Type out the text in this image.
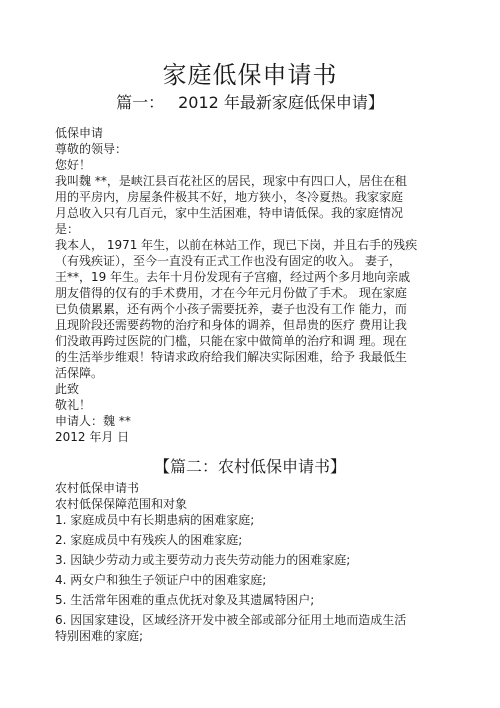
家庭低保申请书
篇一： 2012 年最新家庭低保申请】
低保申请
尊敬的领导：
您好！
我叫魏 **，是峡江县百花社区的居民，现家中有四口人，居住在租
用的平房内，房屋条件极其不好，地方狭小，冬冷夏热。我家家庭
月总收入只有几百元，家中生活困难，特申请低保。我的家庭情况
是：
我本人， 1971 年生，以前在林站工作，现已下岗，并且右手的残疾
（有残疾证），至今一直没有正式工作也没有固定的收入。 妻子，
王**，19 年生。去年十月份发现有子宫瘤，经过两个多月地向亲戚
朋友借得的仅有的手术费用，才在今年元月份做了手术。 现在家庭
已负债累累，还有两个小孩子需要抚养，妻子也没有工作 能力，而
且现阶段还需要药物的治疗和身体的调养，但昂贵的医疗 费用让我
们没敢再跨过医院的门槛，只能在家中做简单的治疗和调 理。现在
的生活举步维艰！特请求政府给我们解决实际困难，给予 我最低生
活保障。
此致
敬礼！
申请人：魏 **
2012 年月 日
【篇二：农村低保申请书】
农村低保申请书
农村低保保障范围和对象
1. 家庭成员中有长期患病的困难家庭;
2. 家庭成员中有残疾人的困难家庭;
3. 因缺少劳动力或主要劳动力丧失劳动能力的困难家庭;
4. 两女户和独生子领证户中的困难家庭;
5. 生活常年困难的重点优抚对象及其遗属特困户;
6. 因国家建设，区域经济开发中被全部或部分征用土地而造成生活
特别困难的家庭;
